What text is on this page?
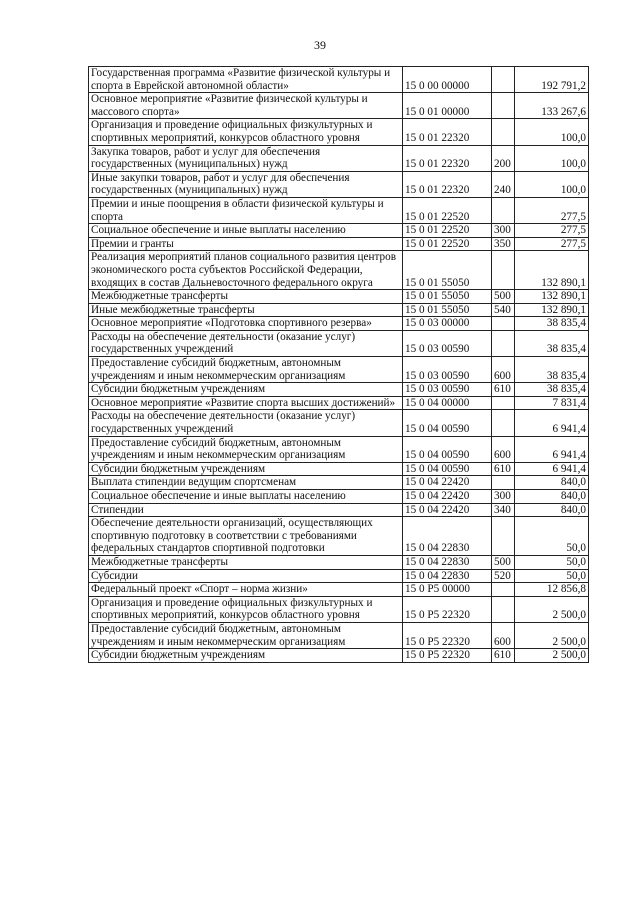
39
Государственная программа «Развитие физической культуры и спорта в Еврейской автономной области»	15 0 00 00000		192 791,2
Основное мероприятие «Развитие физической культуры и массового спорта»	15 0 01 00000		133 267,6
Организация и проведение официальных физкультурных и спортивных мероприятий, конкурсов областного уровня	15 0 01 22320		100,0
Закупка товаров, работ и услуг для обеспечения государственных (муниципальных) нужд	15 0 01 22320	200	100,0
Иные закупки товаров, работ и услуг для обеспечения государственных (муниципальных) нужд	15 0 01 22320	240	100,0
Премии и иные поощрения в области физической культуры и спорта	15 0 01 22520		277,5
Социальное обеспечение и иные выплаты населению	15 0 01 22520	300	277,5
Премии и гранты	15 0 01 22520	350	277,5
Реализация мероприятий планов социального развития центров экономического роста субъектов Российской Федерации, входящих в состав Дальневосточного федерального округа	15 0 01 55050		132 890,1
Межбюджетные трансферты	15 0 01 55050	500	132 890,1
Иные межбюджетные трансферты	15 0 01 55050	540	132 890,1
Основное мероприятие «Подготовка спортивного резерва»	15 0 03 00000		38 835,4
Расходы на обеспечение деятельности (оказание услуг) государственных учреждений	15 0 03 00590		38 835,4
Предоставление субсидий бюджетным, автономным учреждениям и иным некоммерческим организациям	15 0 03 00590	600	38 835,4
Субсидии бюджетным учреждениям	15 0 03 00590	610	38 835,4
Основное мероприятие «Развитие спорта высших достижений»	15 0 04 00000		7 831,4
Расходы на обеспечение деятельности (оказание услуг) государственных учреждений	15 0 04 00590		6 941,4
Предоставление субсидий бюджетным, автономным учреждениям и иным некоммерческим организациям	15 0 04 00590	600	6 941,4
Субсидии бюджетным учреждениям	15 0 04 00590	610	6 941,4
Выплата стипендии ведущим спортсменам	15 0 04 22420		840,0
Социальное обеспечение и иные выплаты населению	15 0 04 22420	300	840,0
Стипендии	15 0 04 22420	340	840,0
Обеспечение деятельности организаций, осуществляющих спортивную подготовку в соответствии с требованиями федеральных стандартов спортивной подготовки	15 0 04 22830		50,0
Межбюджетные трансферты	15 0 04 22830	500	50,0
Субсидии	15 0 04 22830	520	50,0
Федеральный проект «Спорт – норма жизни»	15 0 P5 00000		12 856,8
Организация и проведение официальных физкультурных и спортивных мероприятий, конкурсов областного уровня	15 0 P5 22320		2 500,0
Предоставление субсидий бюджетным, автономным учреждениям и иным некоммерческим организациям	15 0 P5 22320	600	2 500,0
Субсидии бюджетным учреждениям	15 0 P5 22320	610	2 500,0
